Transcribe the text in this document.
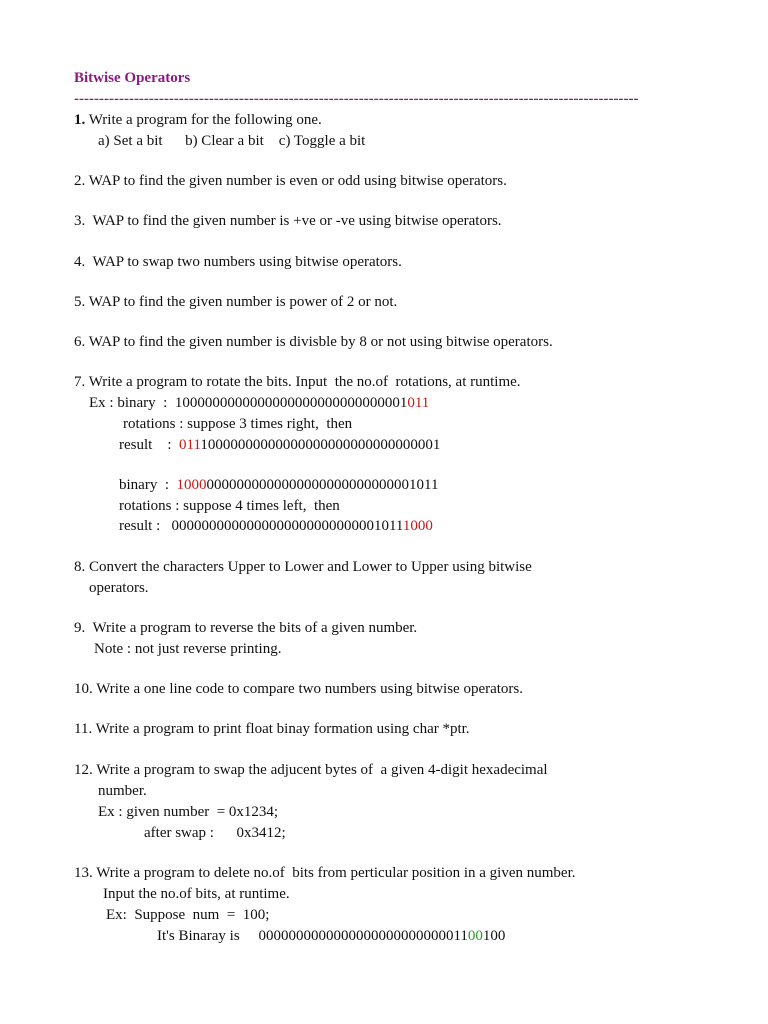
Bitwise Operators
-----------------------------------------------------------------------------------------------------------------
1. Write a program for the following one.
a) Set a bit      b) Clear a bit    c) Toggle a bit
2. WAP to find the given number is even or odd using bitwise operators.
3.  WAP to find the given number is +ve or -ve using bitwise operators.
4.  WAP to swap two numbers using bitwise operators.
5. WAP to find the given number is power of 2 or not.
6. WAP to find the given number is divisble by 8 or not using bitwise operators.
7. Write a program to rotate the bits. Input  the no.of  rotations, at runtime.
Ex : binary  :  1000000000000000000000000000001011
rotations : suppose 3 times right,  then
result    :  01110000000000000000000000000000001
binary  :  10000000000000000000000000000001011
rotations : suppose 4 times left,  then
result :   00000000000000000000000000010111000
8. Convert the characters Upper to Lower and Lower to Upper using bitwise
operators.
9.  Write a program to reverse the bits of a given number.
Note : not just reverse printing.
10. Write a one line code to compare two numbers using bitwise operators.
11. Write a program to print float binay formation using char *ptr.
12. Write a program to swap the adjucent bytes of  a given 4-digit hexadecimal
number.
Ex : given number  = 0x1234;
after swap :      0x3412;
13. Write a program to delete no.of  bits from perticular position in a given number.
Input the no.of bits, at runtime.
Ex:  Suppose  num  =  100;
It's Binaray is     000000000000000000000000001100100
